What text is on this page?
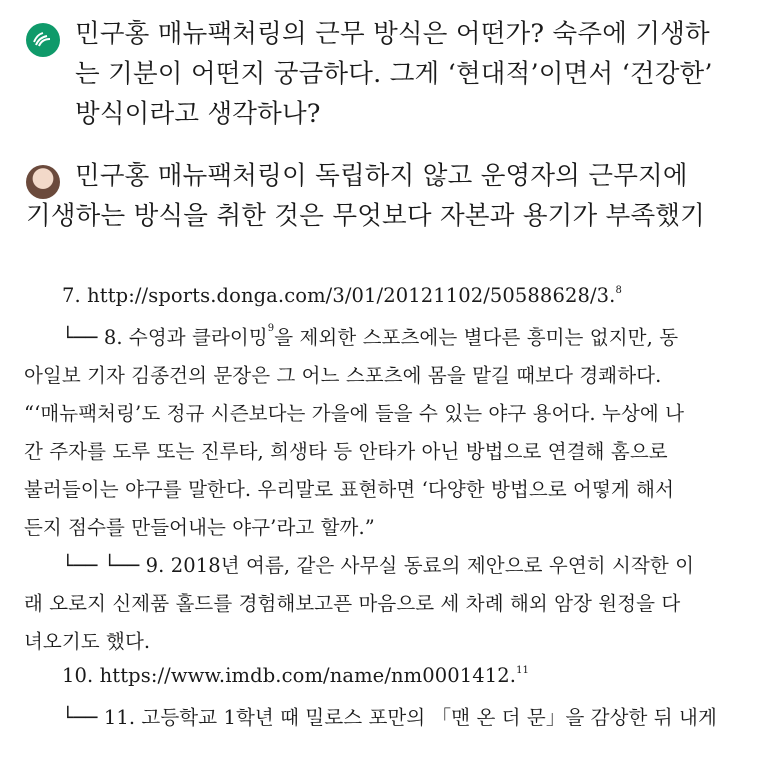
민구홍 매뉴팩처링의 근무 방식은 어떤가? 숙주에 기생하
는 기분이 어떤지 궁금하다. 그게 ‘현대적’이면서 ‘건강한’
방식이라고 생각하나?
민구홍 매뉴팩처링이 독립하지 않고 운영자의 근무지에
기생하는 방식을 취한 것은 무엇보다 자본과 용기가 부족했기
7. http://sports.donga.com/3/01/20121102/50588628/3.$^8$
└── 8. 수영과 클라이밍$^9$을 제외한 스포츠에는 별다른 흥미는 없지만, 동
아일보 기자 김종건의 문장은 그 어느 스포츠에 몸을 맡길 때보다 경쾌하다.
“‘매뉴팩처링’도 정규 시즌보다는 가을에 들을 수 있는 야구 용어다. 누상에 나
간 주자를 도루 또는 진루타, 희생타 등 안타가 아닌 방법으로 연결해 홈으로
불러들이는 야구를 말한다. 우리말로 표현하면 ‘다양한 방법으로 어떻게 해서
든지 점수를 만들어내는 야구’라고 할까.”
└── └── 9. 2018년 여름, 같은 사무실 동료의 제안으로 우연히 시작한 이
래 오로지 신제품 홀드를 경험해보고픈 마음으로 세 차례 해외 암장 원정을 다
녀오기도 했다.
10. https://www.imdb.com/name/nm0001412.11
└── 11. 고등학교 1학년 때 밀로스 포만의 「맨 온 더 문」을 감상한 뒤 내게
